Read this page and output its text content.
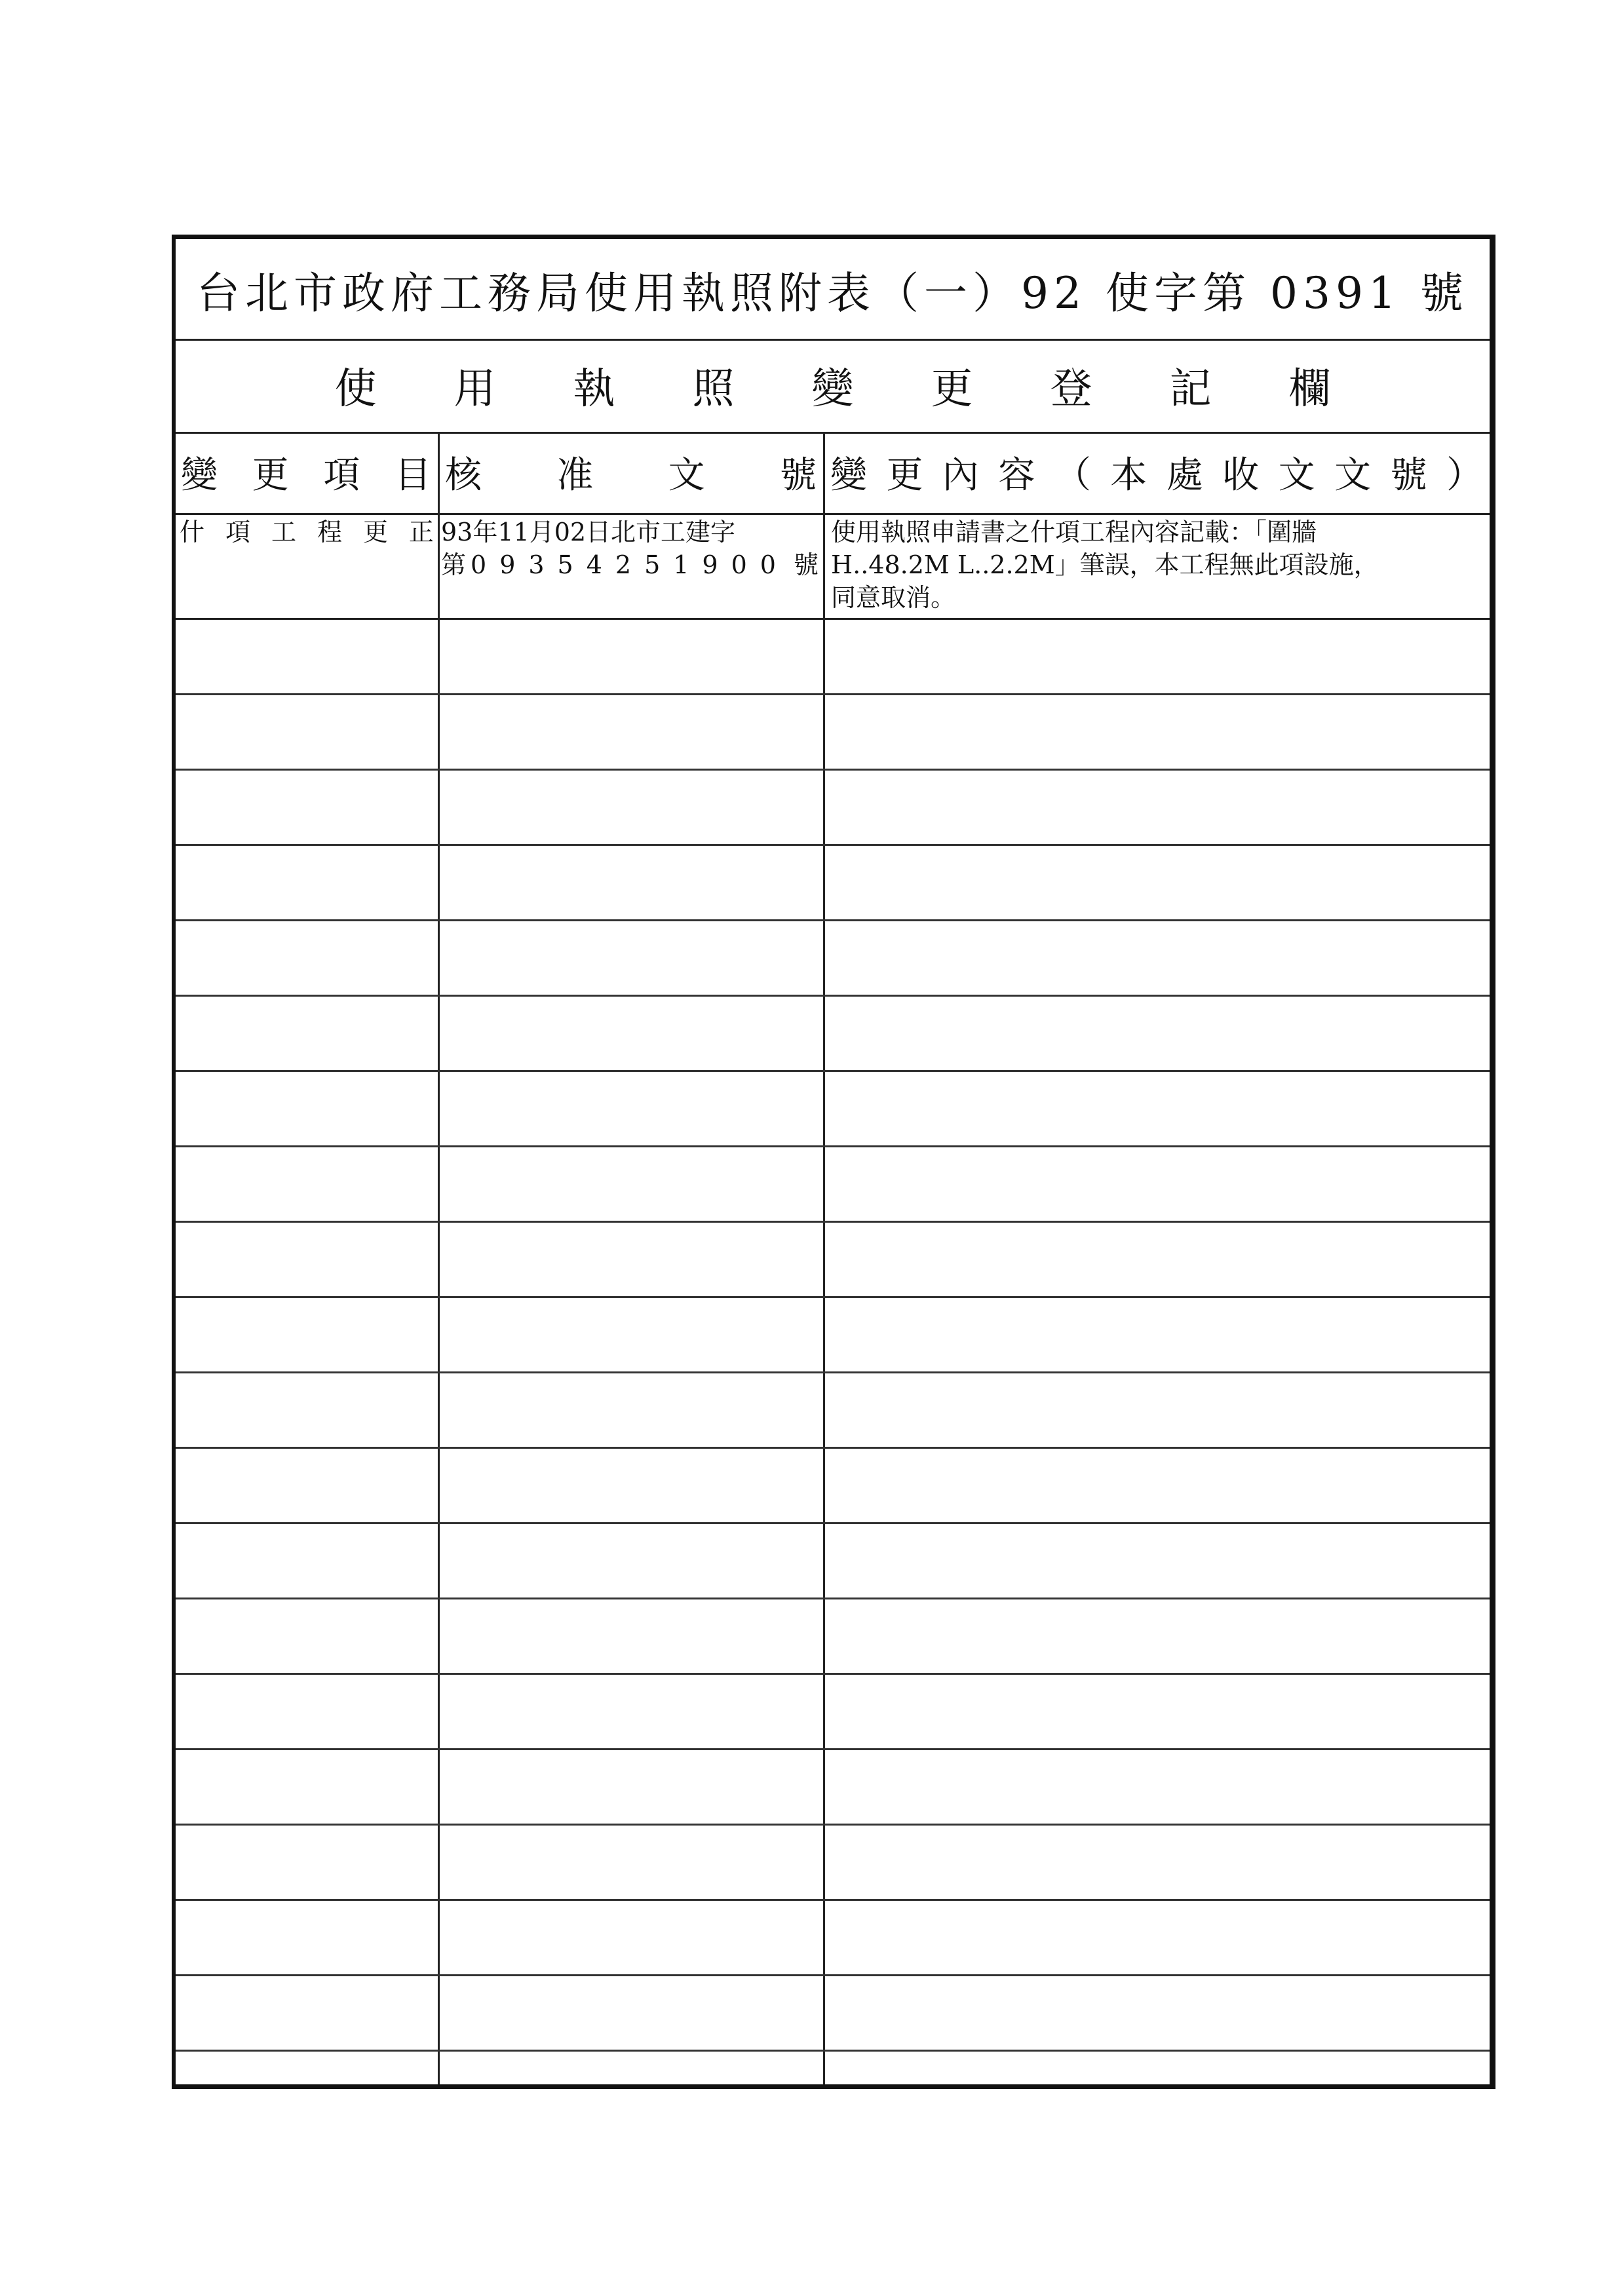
台北市政府工務局使用執照附表（一）92 使字第 0391 號
使用執照變更登記欄
變 更 項 目 核 准 文 號 變 更 內 容 （ 本 處 收 文 文 號 ）
什 項 工 程 更 正 93年11月02日北市工建字
第 09354251900 號
使用執照申請書之什項工程內容記載：「圍牆
H..48.2M L..2.2M」筆誤，本工程無此項設施，
同意取消。
